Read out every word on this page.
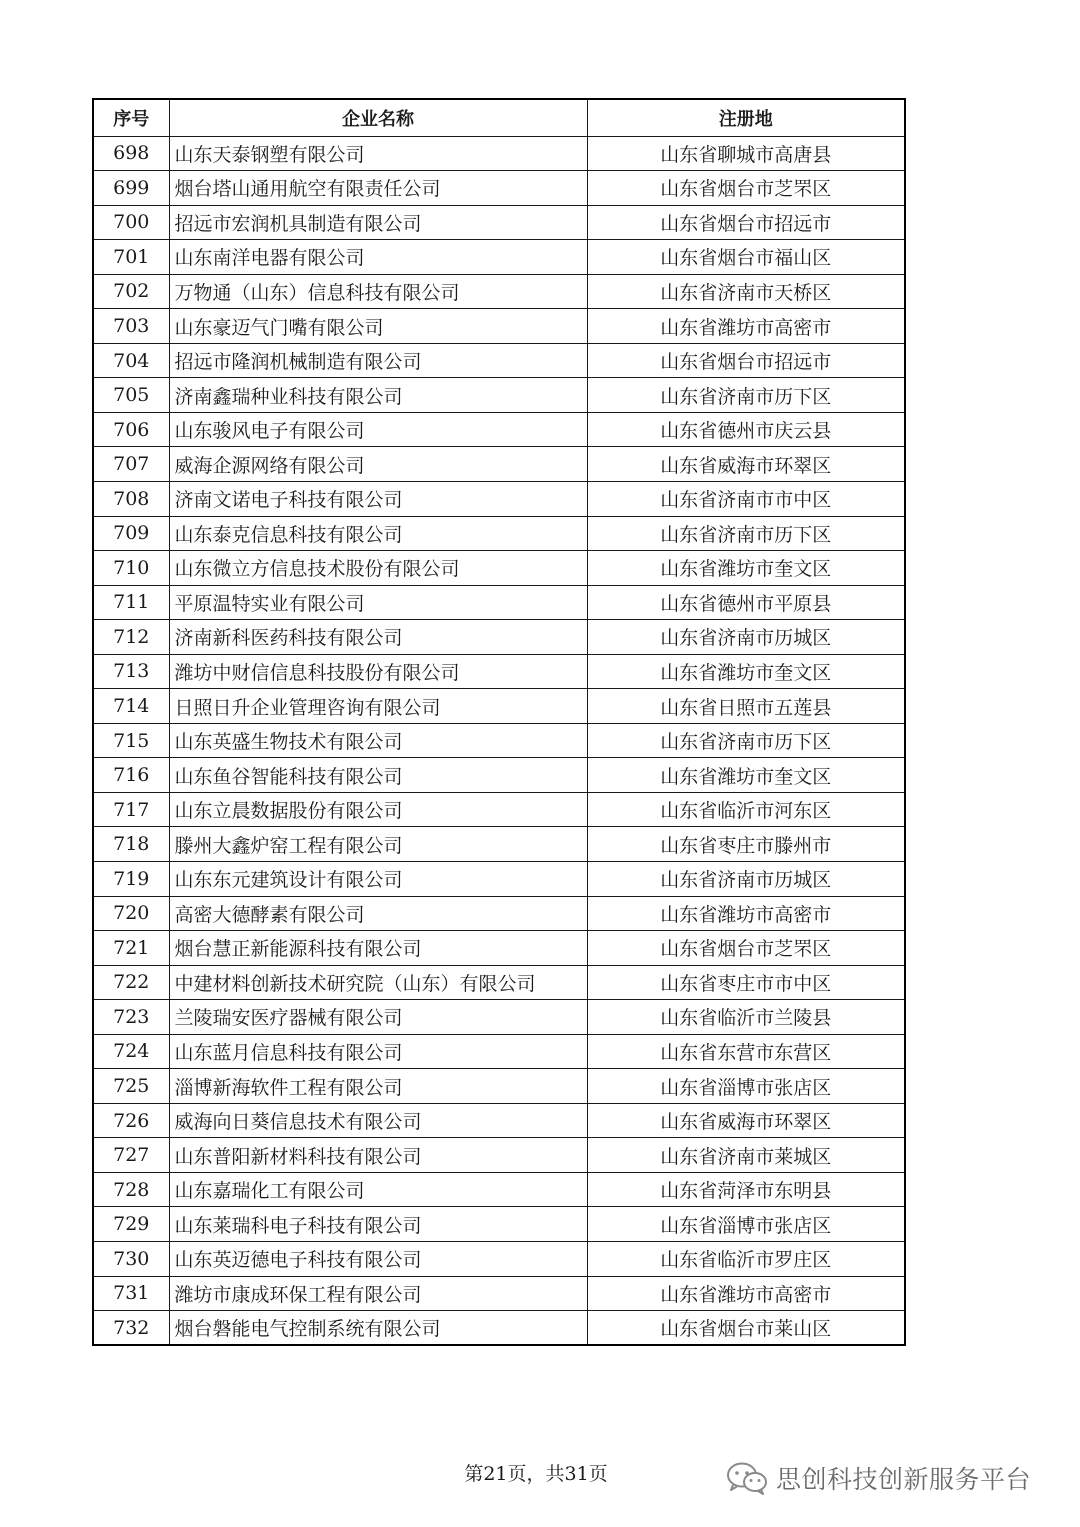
序号	企业名称	注册地
698	山东天泰钢塑有限公司	山东省聊城市高唐县
699	烟台塔山通用航空有限责任公司	山东省烟台市芝罘区
700	招远市宏润机具制造有限公司	山东省烟台市招远市
701	山东南洋电器有限公司	山东省烟台市福山区
702	万物通（山东）信息科技有限公司	山东省济南市天桥区
703	山东豪迈气门嘴有限公司	山东省潍坊市高密市
704	招远市隆润机械制造有限公司	山东省烟台市招远市
705	济南鑫瑞种业科技有限公司	山东省济南市历下区
706	山东骏风电子有限公司	山东省德州市庆云县
707	威海企源网络有限公司	山东省威海市环翠区
708	济南文诺电子科技有限公司	山东省济南市市中区
709	山东泰克信息科技有限公司	山东省济南市历下区
710	山东微立方信息技术股份有限公司	山东省潍坊市奎文区
711	平原温特实业有限公司	山东省德州市平原县
712	济南新科医药科技有限公司	山东省济南市历城区
713	潍坊中财信信息科技股份有限公司	山东省潍坊市奎文区
714	日照日升企业管理咨询有限公司	山东省日照市五莲县
715	山东英盛生物技术有限公司	山东省济南市历下区
716	山东鱼谷智能科技有限公司	山东省潍坊市奎文区
717	山东立晨数据股份有限公司	山东省临沂市河东区
718	滕州大鑫炉窑工程有限公司	山东省枣庄市滕州市
719	山东东元建筑设计有限公司	山东省济南市历城区
720	高密大德酵素有限公司	山东省潍坊市高密市
721	烟台慧正新能源科技有限公司	山东省烟台市芝罘区
722	中建材料创新技术研究院（山东）有限公司	山东省枣庄市市中区
723	兰陵瑞安医疗器械有限公司	山东省临沂市兰陵县
724	山东蓝月信息科技有限公司	山东省东营市东营区
725	淄博新海软件工程有限公司	山东省淄博市张店区
726	威海向日葵信息技术有限公司	山东省威海市环翠区
727	山东普阳新材料科技有限公司	山东省济南市莱城区
728	山东嘉瑞化工有限公司	山东省菏泽市东明县
729	山东莱瑞科电子科技有限公司	山东省淄博市张店区
730	山东英迈德电子科技有限公司	山东省临沂市罗庄区
731	潍坊市康成环保工程有限公司	山东省潍坊市高密市
732	烟台磐能电气控制系统有限公司	山东省烟台市莱山区
第21页，共31页	思创科技创新服务平台
